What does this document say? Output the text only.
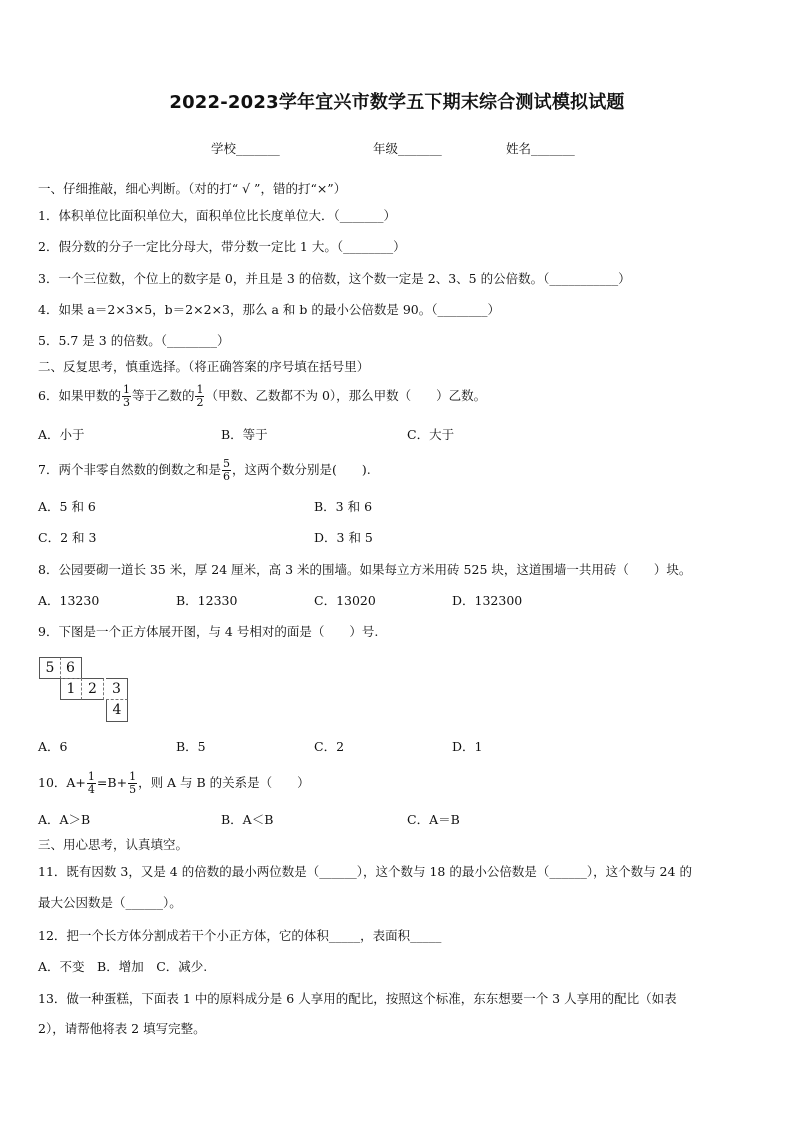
2022-2023学年宜兴市数学五下期末综合测试模拟试题
学校_______	年级_______	姓名_______
一、仔细推敲，细心判断。（对的打“ √ ”，错的打“×”）
1．体积单位比面积单位大，面积单位比长度单位大．（_______）
2．假分数的分子一定比分母大，带分数一定比 1 大。（________）
3．一个三位数，个位上的数字是 0，并且是 3 的倍数，这个数一定是 2、3、5 的公倍数。（___________）
4．如果 a＝2×3×5，b＝2×2×3，那么 a 和 b 的最小公倍数是 90。（________）
5．5.7 是 3 的倍数。（________）
二、反复思考，慎重选择。（将正确答案的序号填在括号里）
6．如果甲数的 $\frac{1}{3}$ 等于乙数的 $\frac{1}{2}$ （甲数、乙数都不为 0），那么甲数（　　）乙数。
A．小于	B．等于	C．大于
7．两个非零自然数的倒数之和是 $\frac{5}{6}$ ，这两个数分别是(　　).
A．5 和 6	B．3 和 6
C．2 和 3	D．3 和 5
8．公园要砌一道长 35 米，厚 24 厘米，高 3 米的围墙。如果每立方米用砖 525 块，这道围墙一共用砖（　　）块。
A．13230	B．12330	C．13020	D．132300
9．下图是一个正方体展开图，与 4 号相对的面是（　　）号.
5 6
1 2	3
4
A．6	B．5	C．2	D．1
10．$A+ \frac{1}{4} =B+ \frac{1}{5}$ ，则 A 与 B 的关系是（　　）
A．A＞B	B．A＜B	C．A＝B
三、用心思考，认真填空。
11．既有因数 3，又是 4 的倍数的最小两位数是（______），这个数与 18 的最小公倍数是（______），这个数与 24 的
最大公因数是（______）。
12．把一个长方体分割成若干个小正方体，它的体积_____，表面积_____
A．不变　B．增加　C．减少.
13．做一种蛋糕，下面表 1 中的原料成分是 6 人享用的配比，按照这个标准，东东想要一个 3 人享用的配比（如表
2），请帮他将表 2 填写完整。
